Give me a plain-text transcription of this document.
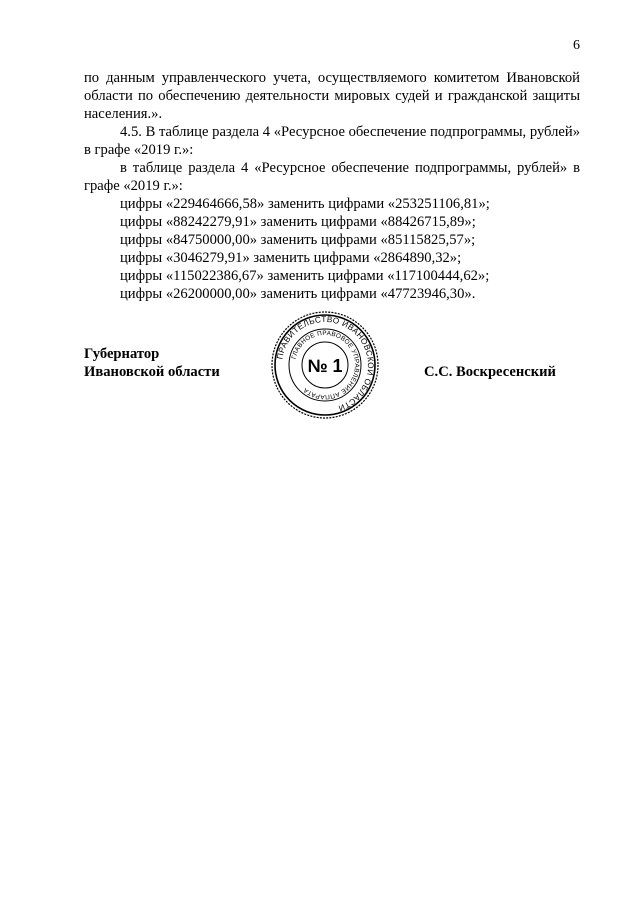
6

по данным управленческого учета, осуществляемого комитетом Ивановской области по обеспечению деятельности мировых судей и гражданской защиты населения.».

4.5. В таблице раздела 4 «Ресурсное обеспечение подпрограммы, рублей» в графе «2019 г.»:

в таблице раздела 4 «Ресурсное обеспечение подпрограммы, рублей» в графе «2019 г.»:

цифры «229464666,58» заменить цифрами «253251106,81»;

цифры «88242279,91» заменить цифрами «88426715,89»;

цифры «84750000,00» заменить цифрами «85115825,57»;

цифры «3046279,91» заменить цифрами «2864890,32»;

цифры «115022386,67» заменить цифрами «117100444,62»;

цифры «26200000,00» заменить цифрами «47723946,30».

Губернатор
Ивановской области	С.С. Воскресенский
ПРАВИТЕЛЬСТВО ИВАНОВСКОЙ ОБЛАСТИ
ГЛАВНОЕ ПРАВОВОЕ УПРАВЛЕНИЕ АППАРАТА
№ 1
